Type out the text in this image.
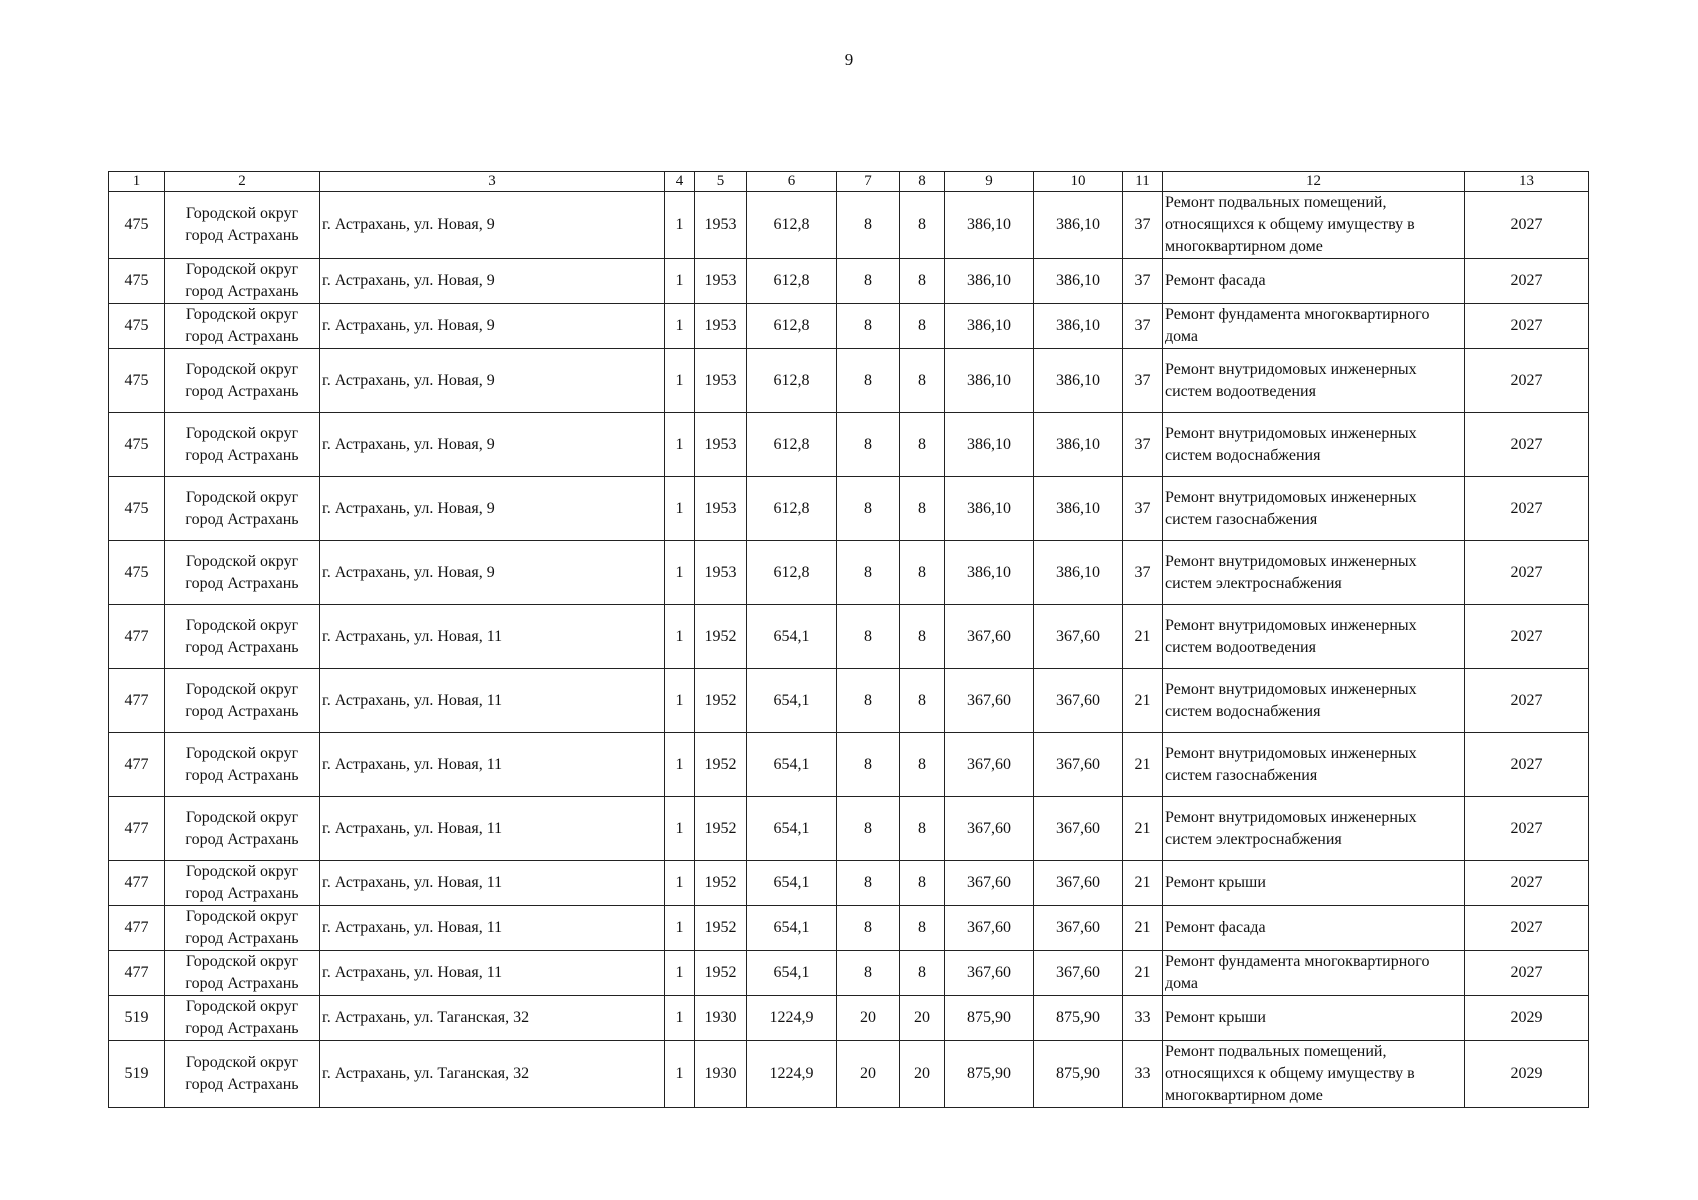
9
1	2	3	4	5	6	7	8	9	10	11	12	13
475	Городской округ город Астрахань	г. Астрахань, ул. Новая, 9	1	1953	612,8	8	8	386,10	386,10	37	Ремонт подвальных помещений, относящихся к общему имуществу в многоквартирном доме	2027
475	Городской округ город Астрахань	г. Астрахань, ул. Новая, 9	1	1953	612,8	8	8	386,10	386,10	37	Ремонт фасада	2027
475	Городской округ город Астрахань	г. Астрахань, ул. Новая, 9	1	1953	612,8	8	8	386,10	386,10	37	Ремонт фундамента многоквартирного дома	2027
475	Городской округ город Астрахань	г. Астрахань, ул. Новая, 9	1	1953	612,8	8	8	386,10	386,10	37	Ремонт внутридомовых инженерных систем водоотведения	2027
475	Городской округ город Астрахань	г. Астрахань, ул. Новая, 9	1	1953	612,8	8	8	386,10	386,10	37	Ремонт внутридомовых инженерных систем водоснабжения	2027
475	Городской округ город Астрахань	г. Астрахань, ул. Новая, 9	1	1953	612,8	8	8	386,10	386,10	37	Ремонт внутридомовых инженерных систем газоснабжения	2027
475	Городской округ город Астрахань	г. Астрахань, ул. Новая, 9	1	1953	612,8	8	8	386,10	386,10	37	Ремонт внутридомовых инженерных систем электроснабжения	2027
477	Городской округ город Астрахань	г. Астрахань, ул. Новая, 11	1	1952	654,1	8	8	367,60	367,60	21	Ремонт внутридомовых инженерных систем водоотведения	2027
477	Городской округ город Астрахань	г. Астрахань, ул. Новая, 11	1	1952	654,1	8	8	367,60	367,60	21	Ремонт внутридомовых инженерных систем водоснабжения	2027
477	Городской округ город Астрахань	г. Астрахань, ул. Новая, 11	1	1952	654,1	8	8	367,60	367,60	21	Ремонт внутридомовых инженерных систем газоснабжения	2027
477	Городской округ город Астрахань	г. Астрахань, ул. Новая, 11	1	1952	654,1	8	8	367,60	367,60	21	Ремонт внутридомовых инженерных систем электроснабжения	2027
477	Городской округ город Астрахань	г. Астрахань, ул. Новая, 11	1	1952	654,1	8	8	367,60	367,60	21	Ремонт крыши	2027
477	Городской округ город Астрахань	г. Астрахань, ул. Новая, 11	1	1952	654,1	8	8	367,60	367,60	21	Ремонт фасада	2027
477	Городской округ город Астрахань	г. Астрахань, ул. Новая, 11	1	1952	654,1	8	8	367,60	367,60	21	Ремонт фундамента многоквартирного дома	2027
519	Городской округ город Астрахань	г. Астрахань, ул. Таганская, 32	1	1930	1224,9	20	20	875,90	875,90	33	Ремонт крыши	2029
519	Городской округ город Астрахань	г. Астрахань, ул. Таганская, 32	1	1930	1224,9	20	20	875,90	875,90	33	Ремонт подвальных помещений, относящихся к общему имуществу в многоквартирном доме	2029
